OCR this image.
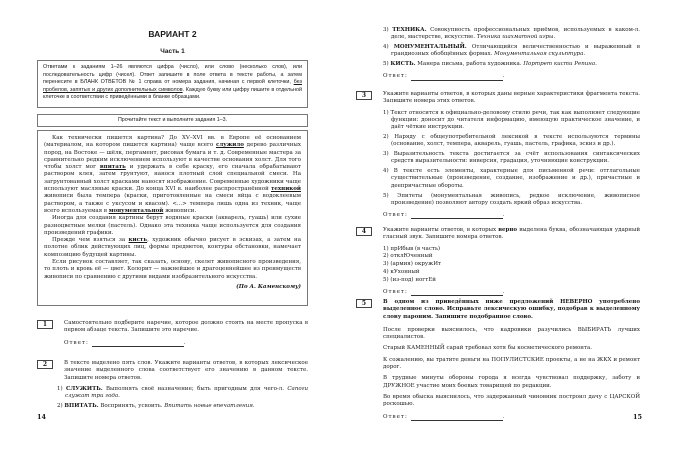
ВАРИАНТ 2
Часть 1
Ответами к заданиям 1–26 являются цифра (число), или слово (несколько слов), или последовательность цифр (чисел). Ответ запишите в поле ответа в тексте работы, а затем перенесите в БЛАНК ОТВЕТОВ № 1 справа от номера задания, начиная с первой клеточки, без пробелов, запятых и других дополнительных символов. Каждую букву или цифру пишите в отдельной клеточке в соответствии с приведёнными в бланке образцами.
Прочитайте текст и выполните задания 1–3.

Как технически пишется картина? До XV–XVI вв. в Европе её основанием (материалом, на котором пишется картина) чаще всего служило дерево различных пород, на Востоке — шёлк, пергамент, рисовая бумага и т. д. Современные мастера за сравнительно редким исключением используют в качестве основания холст. Для того чтобы холст мог впитать и удержать в себе краску, его сначала обрабатывают раствором клея, затем грунтуют, нанося плотный слой специальной смеси. На загрунтованный холст красками наносят изображение. Современные художники чаще используют масляные краски. До конца XVI в. наиболее распространённой техникой живописи была темпера (краски, приготовленные на смеси яйца с водоклеевым раствором, а также с уксусом и квасом). <...> темпера лишь одна из техник, чаще всего используемая в монументальной живописи.

Иногда для создания картины берут водяные краски (акварель, гуашь) или сухие разноцветные мелки (пастель). Однако эта техника чаще используется для создания произведений графики.

Прежде чем взяться за кисть, художник обычно рисует в эскизах, а затем на полотне облик действующих лиц, формы предметов, контуры обстановки, намечает композицию будущей картины.

Если рисунок составляет, так сказать, основу, скелет живописного произведения, то плоть и кровь её — цвет. Колорит — важнейшее и драгоценнейшее из преимуществ живописи по сравнению с другими видами изобразительного искусства.

(По А. Каменскому)
1	Самостоятельно подберите наречие, которое должно стоять на месте пропуска в первом абзаце текста. Запишите это наречие.
Ответ:	.
2	В тексте выделено пять слов. Укажите варианты ответов, в которых лексическое значение выделенного слова соответствует его значению в данном тексте. Запишите номера ответов.
1) СЛУЖИТЬ. Выполнять своё назначение; быть пригодным для чего-л. Сапоги служат три года.
2) ВПИТАТЬ. Воспринять, усвоить. Впитать новые впечатления.
14
3) ТЕХНИКА. Совокупность профессиональных приёмов, используемых в каком-л. деле, мастерстве, искусстве. Техника шахматной игры.
4) МОНУМЕНТАЛЬНЫЙ. Отличающийся величественностью и выраженный в грандиозных обобщённых формах. Монументальная скульптура.
5) КИСТЬ. Манера письма, работа художника. Портрет кисти Репина.
Ответ:	.
3	Укажите варианты ответов, в которых даны верные характеристики фрагмента текста. Запишите номера этих ответов.
1) Текст относится к официально-деловому стилю речи, так как выполняет следующие функции: доносит до читателя информацию, имеющую практическое значение, и даёт чёткие инструкции.
2) Наряду с общеупотребительной лексикой в тексте используются термины (основание, холст, темпера, акварель, гуашь, пастель, графика, эскиз и др.).
3) Выразительность текста достигается за счёт использования синтаксических средств выразительности: инверсия, градация, уточняющие конструкции.
4) В тексте есть элементы, характерные для письменной речи: отглагольные существительные (произведение, создание, изображение и др.), причастные и деепричастные обороты.
5) Эпитеты (монументальная живопись, редкое исключение, живописное произведение) позволяют автору создать яркий образ искусства.
Ответ:	.
4	Укажите варианты ответов, в которых верно выделена буква, обозначающая ударный гласный звук. Запишите номера ответов.
1) прИбыв (в часть)
2) отклЮченный
3) (армия) окружИт
4) кУхонный
5) (из-под) ногтЕй
Ответ:	.
5	В одном из приведённых ниже предложений НЕВЕРНО употреблено выделенное слово. Исправьте лексическую ошибку, подобрав к выделенному слову пароним. Запишите подобранное слово.
После проверки выяснилось, что кадровики разучились ВЫБИРАТЬ лучших специалистов.
Старый КАМЕННЫЙ сарай требовал хотя бы косметического ремонта.
К сожалению, вы тратите деньги на ПОПУЛИСТСКИЕ проекты, а не на ЖКХ и ремонт дорог.
В трудные минуты обороны города я всегда чувствовал поддержку, заботу и ДРУЖНОЕ участие моих боевых товарищей по редакции.
Во время обыска выяснилось, что задержанный чиновник построил дачу с ЦАРСКОЙ роскошью.
Ответ:	.	15
